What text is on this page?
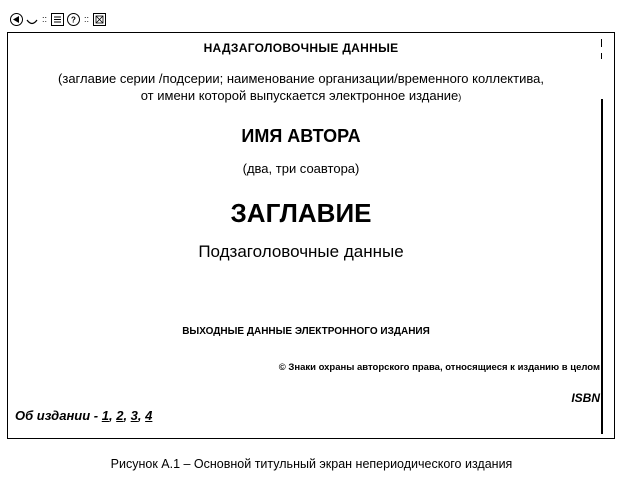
::	? ::
НАДЗАГОЛОВОЧНЫЕ ДАННЫЕ
(заглавие серии /подсерии; наименование организации/временного коллектива,
от имени которой выпускается электронное издание)
ИМЯ АВТОРА
(два, три соавтора)
ЗАГЛАВИЕ
Подзаголовочные данные
ВЫХОДНЫЕ ДАННЫЕ ЭЛЕКТРОННОГО ИЗДАНИЯ
© Знаки охраны авторского права, относящиеся к изданию в целом
ISBN
Об издании - 1, 2, 3, 4
Рисунок А.1 – Основной титульный экран непериодического издания
